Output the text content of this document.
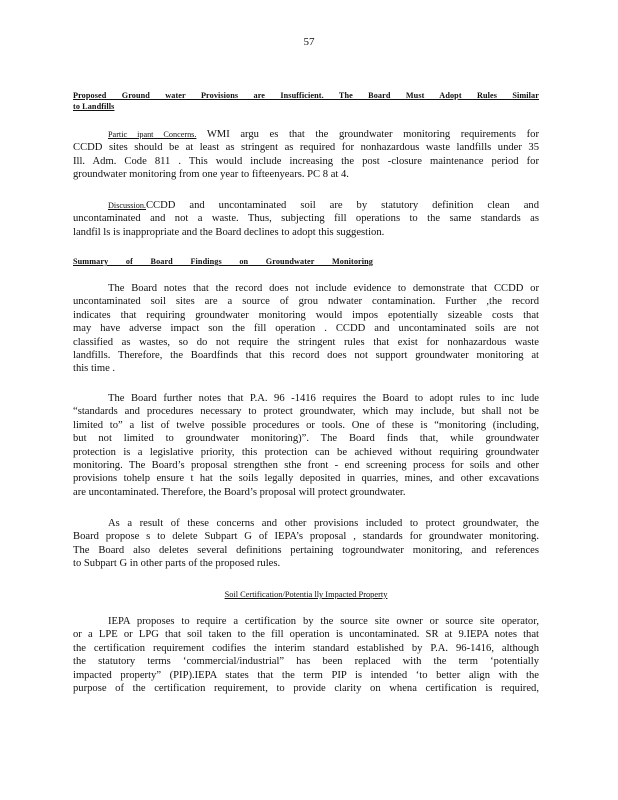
57
Proposed Ground water Provisions are Insufficient. The Board Must Adopt Rules Similar
to Landfills
Partic ipant Concerns. WMI argu es that the groundwater monitoring requirements for
CCDD sites should be at least as stringent as required for nonhazardous waste landfills under 35
Ill. Adm. Code 811 . This would include increasing the post -closure maintenance period for
groundwater monitoring from one year to fifteenyears. PC 8 at 4.
Discussion.CCDD and uncontaminated soil are by statutory definition clean and
uncontaminated and not a waste. Thus, subjecting fill operations to the same standards as
landfil ls is inappropriate and the Board declines to adopt this suggestion.
Summary of Board Findings on Groundwater Monitoring
The Board notes that the record does not include evidence to demonstrate that CCDD or
uncontaminated soil sites are a source of grou ndwater contamination. Further ,the record
indicates that requiring groundwater monitoring would impos epotentially sizeable costs that
may have adverse impact son the fill operation . CCDD and uncontaminated soils are not
classified as wastes, so do not require the stringent rules that exist for nonhazardous waste
landfills. Therefore, the Boardfinds that this record does not support groundwater monitoring at
this time .
The Board further notes that P.A. 96 -1416 requires the Board to adopt rules to inc lude
“standards and procedures necessary to protect groundwater, which may include, but shall not be
limited to” a list of twelve possible procedures or tools. One of these is “monitoring (including,
but not limited to groundwater monitoring)”. The Board finds that, while groundwater
protection is a legislative priority, this protection can be achieved without requiring groundwater
monitoring. The Board’s proposal strengthen sthe front - end screening process for soils and other
provisions tohelp ensure t hat the soils legally deposited in quarries, mines, and other excavations
are uncontaminated. Therefore, the Board’s proposal will protect groundwater.
As a result of these concerns and other provisions included to protect groundwater, the
Board propose s to delete Subpart G of IEPA’s proposal , standards for groundwater monitoring.
The Board also deletes several definitions pertaining togroundwater monitoring, and references
to Subpart G in other parts of the proposed rules.
Soil Certification/Potentia lly Impacted Property
IEPA proposes to require a certification by the source site owner or source site operator,
or a LPE or LPG that soil taken to the fill operation is uncontaminated. SR at 9.IEPA notes that
the certification requirement codifies the interim standard established by P.A. 96-1416, although
the statutory terms ‘commercial/industrial” has been replaced with the term ‘potentially
impacted property” (PIP).IEPA states that the term PIP is intended ‘to better align with the
purpose of the certification requirement, to provide clarity on whena certification is required,
